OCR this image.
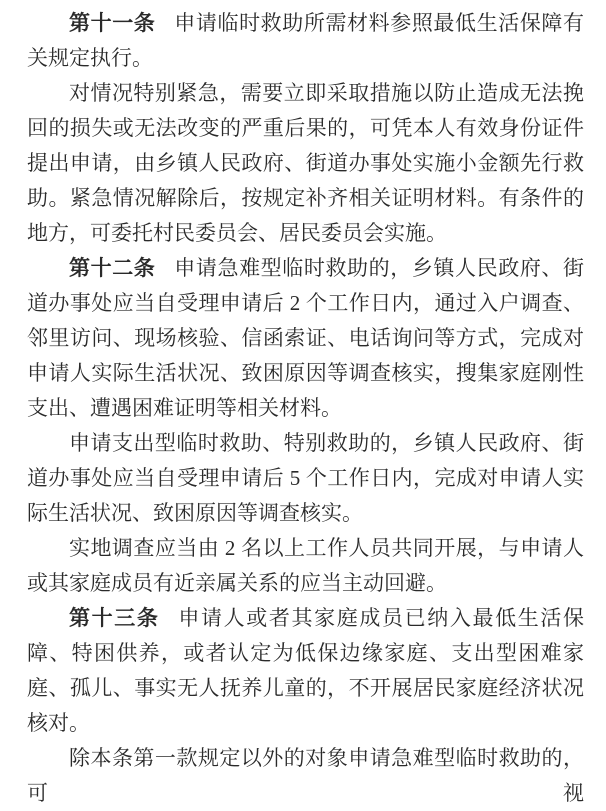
第十一条 申请临时救助所需材料参照最低生活保障有关规定执行。

对情况特别紧急，需要立即采取措施以防止造成无法挽回的损失或无法改变的严重后果的，可凭本人有效身份证件提出申请，由乡镇人民政府、街道办事处实施小金额先行救助。紧急情况解除后，按规定补齐相关证明材料。有条件的地方，可委托村民委员会、居民委员会实施。

第十二条 申请急难型临时救助的，乡镇人民政府、街道办事处应当自受理申请后 2 个工作日内，通过入户调查、邻里访问、现场核验、信函索证、电话询问等方式，完成对申请人实际生活状况、致困原因等调查核实，搜集家庭刚性支出、遭遇困难证明等相关材料。

申请支出型临时救助、特别救助的，乡镇人民政府、街道办事处应当自受理申请后 5 个工作日内，完成对申请人实际生活状况、致困原因等调查核实。

实地调查应当由 2 名以上工作人员共同开展，与申请人或其家庭成员有近亲属关系的应当主动回避。

第十三条 申请人或者其家庭成员已纳入最低生活保障、特困供养，或者认定为低保边缘家庭、支出型困难家庭、孤儿、事实无人抚养儿童的，不开展居民家庭经济状况核对。

除本条第一款规定以外的对象申请急难型临时救助的，可视
